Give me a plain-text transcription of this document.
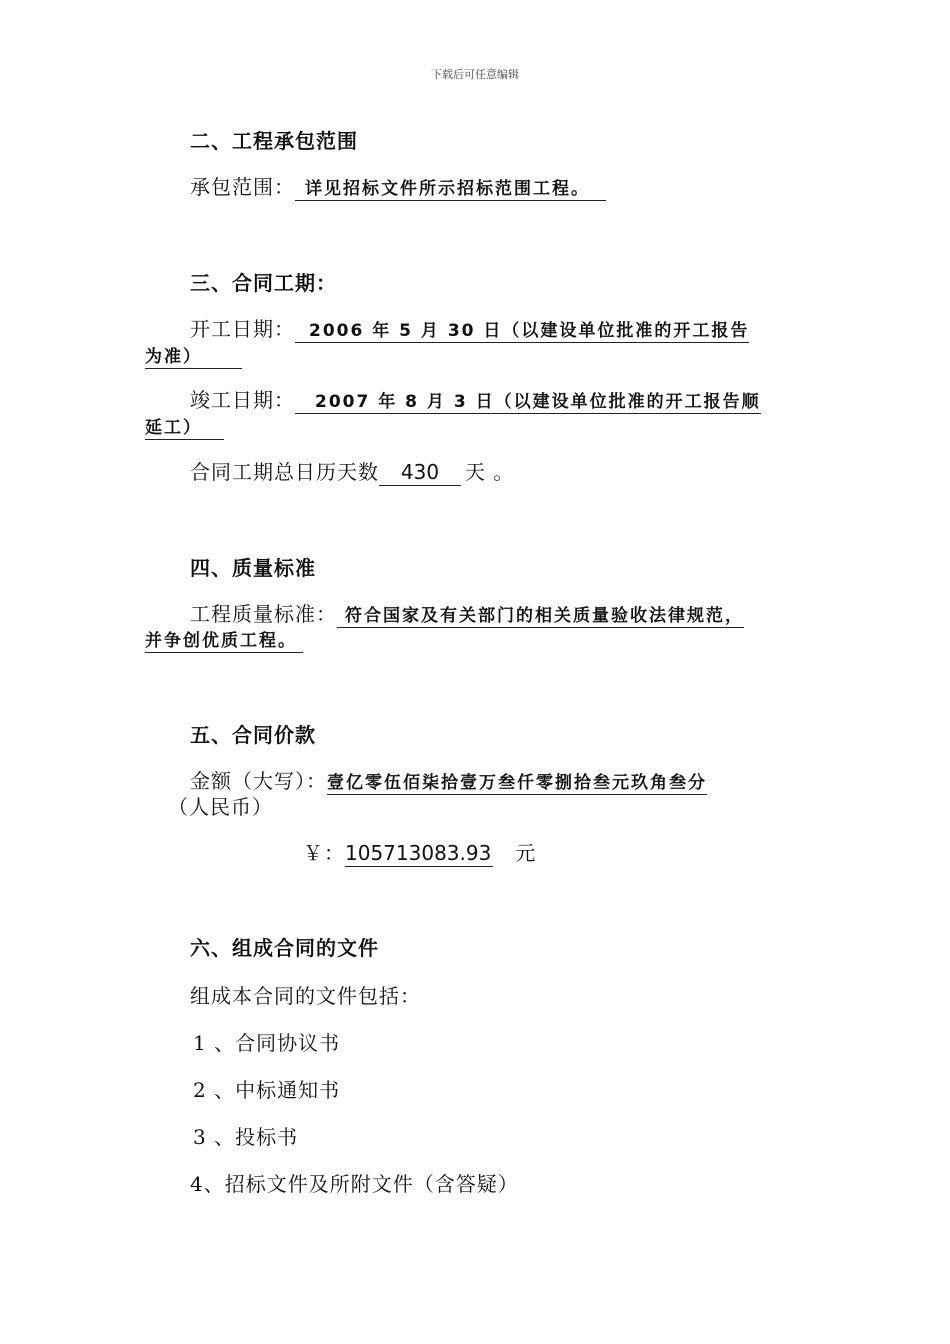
下载后可任意编辑
二、工程承包范围
承包范围： 详见招标文件所示招标范围工程。
三、合同工期：
开工日期： 2006 年 5 月 30 日（以建设单位批准的开工报告
为准）
竣工日期： 2007 年 8 月 3 日（以建设单位批准的开工报告顺
延工）
合同工期总日历天数 430 天 。
四、质量标准
工程质量标准： 符合国家及有关部门的相关质量验收法律规范，
并争创优质工程。
五、合同价款
金额（大写）：壹亿零伍佰柒拾壹万叁仟零捌拾叁元玖角叁分
（人民币）
￥：105713083.93 元
六、组成合同的文件
组成本合同的文件包括：
1 、合同协议书
2 、中标通知书
3 、投标书
4、招标文件及所附文件（含答疑）
